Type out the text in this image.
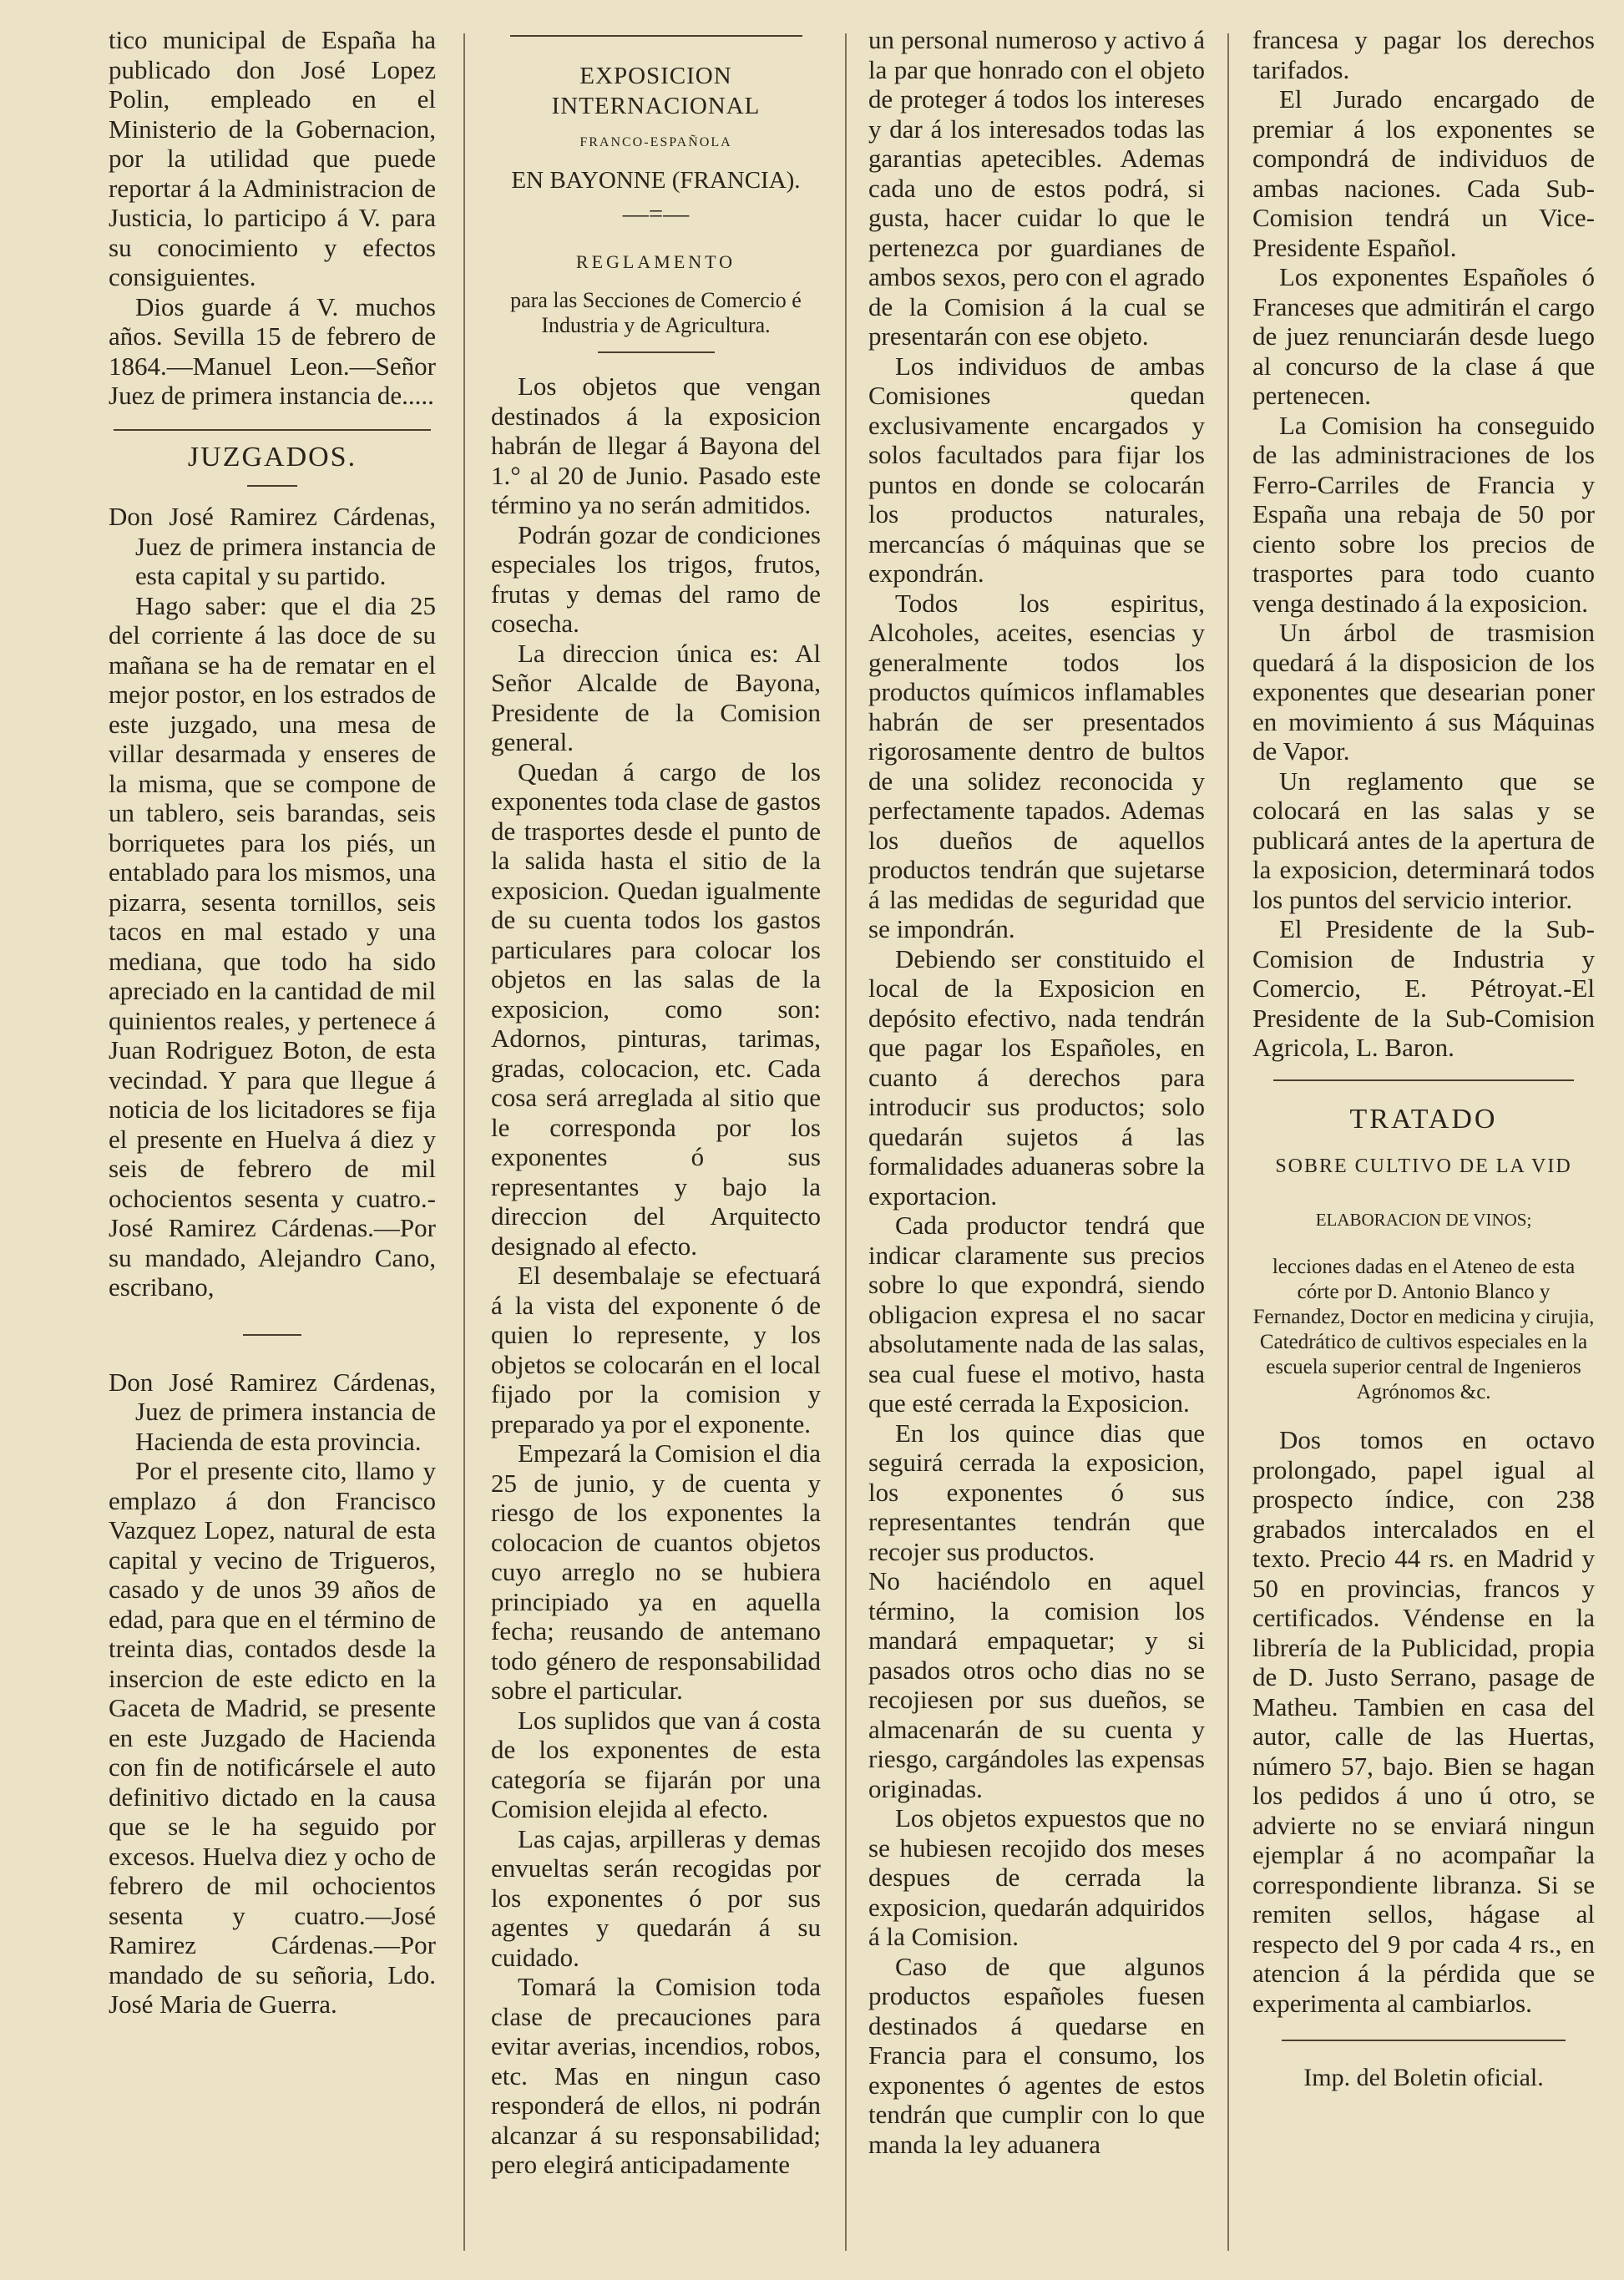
tico municipal de España ha publicado don José Lopez Polin, empleado en el Ministerio de la Gobernacion, por la utilidad que puede reportar á la Administracion de Justicia, lo participo á V. para su conocimiento y efectos consiguientes.

Dios guarde á V. muchos años. Sevilla 15 de febrero de 1864.—Manuel Leon.—Señor Juez de primera instancia de.....

JUZGADOS.

Don José Ramirez Cárdenas, Juez de primera instancia de esta capital y su partido.

Hago saber: que el dia 25 del corriente á las doce de su mañana se ha de rematar en el mejor postor, en los estrados de este juzgado, una mesa de villar desarmada y enseres de la misma, que se compone de un tablero, seis barandas, seis borriquetes para los piés, un entablado para los mismos, una pizarra, sesenta tornillos, seis tacos en mal estado y una mediana, que todo ha sido apreciado en la cantidad de mil quinientos reales, y pertenece á Juan Rodriguez Boton, de esta vecindad. Y para que llegue á noticia de los licitadores se fija el presente en Huelva á diez y seis de febrero de mil ochocientos sesenta y cuatro.-José Ramirez Cárdenas.—Por su mandado, Alejandro Cano, escribano,

Don José Ramirez Cárdenas, Juez de primera instancia de Hacienda de esta provincia.

Por el presente cito, llamo y emplazo á don Francisco Vazquez Lopez, natural de esta capital y vecino de Trigueros, casado y de unos 39 años de edad, para que en el término de treinta dias, contados desde la insercion de este edicto en la Gaceta de Madrid, se presente en este Juzgado de Hacienda con fin de notificársele el auto definitivo dictado en la causa que se le ha seguido por excesos. Huelva diez y ocho de febrero de mil ochocientos sesenta y cuatro.—José Ramirez Cárdenas.—Por mandado de su señoria, Ldo. José Maria de Guerra.

EXPOSICION INTERNACIONAL
FRANCO-ESPAÑOLA
EN BAYONNE (FRANCIA).
—=—
REGLAMENTO

para las Secciones de Comercio é Industria y de Agricultura.

Los objetos que vengan destinados á la exposicion habrán de llegar á Bayona del 1.° al 20 de Junio. Pasado este término ya no serán admitidos.

Podrán gozar de condiciones especiales los trigos, frutos, frutas y demas del ramo de cosecha.

La direccion única es: Al Señor Alcalde de Bayona, Presidente de la Comision general.

Quedan á cargo de los exponentes toda clase de gastos de trasportes desde el punto de la salida hasta el sitio de la exposicion. Quedan igualmente de su cuenta todos los gastos particulares para colocar los objetos en las salas de la exposicion, como son: Adornos, pinturas, tarimas, gradas, colocacion, etc. Cada cosa será arreglada al sitio que le corresponda por los exponentes ó sus representantes y bajo la direccion del Arquitecto designado al efecto.

El desembalaje se efectuará á la vista del exponente ó de quien lo represente, y los objetos se colocarán en el local fijado por la comision y preparado ya por el exponente.

Empezará la Comision el dia 25 de junio, y de cuenta y riesgo de los exponentes la colocacion de cuantos objetos cuyo arreglo no se hubiera principiado ya en aquella fecha; reusando de antemano todo género de responsabilidad sobre el particular.

Los suplidos que van á costa de los exponentes de esta categoría se fijarán por una Comision elejida al efecto.

Las cajas, arpilleras y demas envueltas serán recogidas por los exponentes ó por sus agentes y quedarán á su cuidado.

Tomará la Comision toda clase de precauciones para evitar averias, incendios, robos, etc. Mas en ningun caso responderá de ellos, ni podrán alcanzar á su responsabilidad; pero elegirá anticipadamente

un personal numeroso y activo á la par que honrado con el objeto de proteger á todos los intereses y dar á los interesados todas las garantias apetecibles. Ademas cada uno de estos podrá, si gusta, hacer cuidar lo que le pertenezca por guardianes de ambos sexos, pero con el agrado de la Comision á la cual se presentarán con ese objeto.

Los individuos de ambas Comisiones quedan exclusivamente encargados y solos facultados para fijar los puntos en donde se colocarán los productos naturales, mercancías ó máquinas que se expondrán.

Todos los espiritus, Alcoholes, aceites, esencias y generalmente todos los productos químicos inflamables habrán de ser presentados rigorosamente dentro de bultos de una solidez reconocida y perfectamente tapados. Ademas los dueños de aquellos productos tendrán que sujetarse á las medidas de seguridad que se impondrán.

Debiendo ser constituido el local de la Exposicion en depósito efectivo, nada tendrán que pagar los Españoles, en cuanto á derechos para introducir sus productos; solo quedarán sujetos á las formalidades aduaneras sobre la exportacion.

Cada productor tendrá que indicar claramente sus precios sobre lo que expondrá, siendo obligacion expresa el no sacar absolutamente nada de las salas, sea cual fuese el motivo, hasta que esté cerrada la Exposicion.

En los quince dias que seguirá cerrada la exposicion, los exponentes ó sus representantes tendrán que recojer sus productos.

No haciéndolo en aquel término, la comision los mandará empaquetar; y si pasados otros ocho dias no se recojiesen por sus dueños, se almacenarán de su cuenta y riesgo, cargándoles las expensas originadas.

Los objetos expuestos que no se hubiesen recojido dos meses despues de cerrada la exposicion, quedarán adquiridos á la Comision.

Caso de que algunos productos españoles fuesen destinados á quedarse en Francia para el consumo, los exponentes ó agentes de estos tendrán que cumplir con lo que manda la ley aduanera

francesa y pagar los derechos tarifados.

El Jurado encargado de premiar á los exponentes se compondrá de individuos de ambas naciones. Cada Sub-Comision tendrá un Vice-Presidente Español.

Los exponentes Españoles ó Franceses que admitirán el cargo de juez renunciarán desde luego al concurso de la clase á que pertenecen.

La Comision ha conseguido de las administraciones de los Ferro-Carriles de Francia y España una rebaja de 50 por ciento sobre los precios de trasportes para todo cuanto venga destinado á la exposicion.

Un árbol de trasmision quedará á la disposicion de los exponentes que desearian poner en movimiento á sus Máquinas de Vapor.

Un reglamento que se colocará en las salas y se publicará antes de la apertura de la exposicion, determinará todos los puntos del servicio interior.

El Presidente de la Sub-Comision de Industria y Comercio, E. Pétroyat.-El Presidente de la Sub-Comision Agricola, L. Baron.

TRATADO
SOBRE CULTIVO DE LA VID
ELABORACION DE VINOS;

lecciones dadas en el Ateneo de esta córte por D. Antonio Blanco y Fernandez, Doctor en medicina y cirujia, Catedrático de cultivos especiales en la escuela superior central de Ingenieros Agrónomos &c.

Dos tomos en octavo prolongado, papel igual al prospecto índice, con 238 grabados intercalados en el texto. Precio 44 rs. en Madrid y 50 en provincias, francos y certificados. Véndense en la librería de la Publicidad, propia de D. Justo Serrano, pasage de Matheu. Tambien en casa del autor, calle de las Huertas, número 57, bajo. Bien se hagan los pedidos á uno ú otro, se advierte no se enviará ningun ejemplar á no acompañar la correspondiente libranza. Si se remiten sellos, hágase al respecto del 9 por cada 4 rs., en atencion á la pérdida que se experimenta al cambiarlos.

Imp. del Boletin oficial.
